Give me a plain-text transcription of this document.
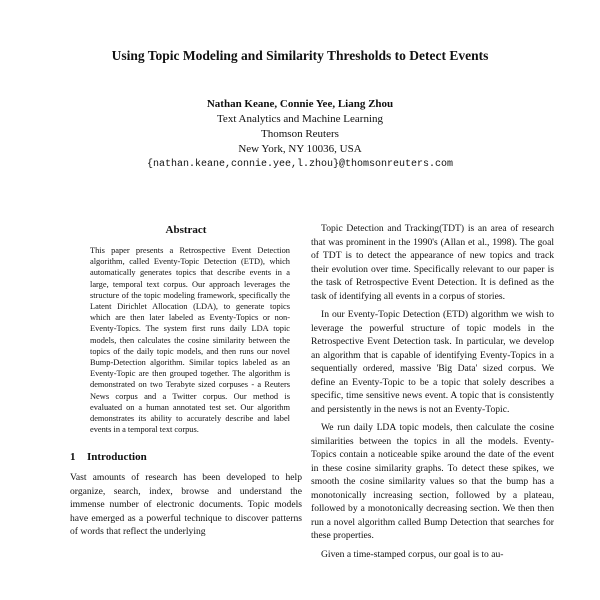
Using Topic Modeling and Similarity Thresholds to Detect Events
Nathan Keane, Connie Yee, Liang Zhou
Text Analytics and Machine Learning
Thomson Reuters
New York, NY 10036, USA
{nathan.keane,connie.yee,l.zhou}@thomsonreuters.com
Abstract

This paper presents a Retrospective Event Detection algorithm, called Eventy-Topic Detection (ETD), which automatically generates topics that describe events in a large, temporal text corpus. Our approach leverages the structure of the topic modeling framework, specifically the Latent Dirichlet Allocation (LDA), to generate topics which are then later labeled as Eventy-Topics or non-Eventy-Topics. The system first runs daily LDA topic models, then calculates the cosine similarity between the topics of the daily topic models, and then runs our novel Bump-Detection algorithm. Similar topics labeled as an Eventy-Topic are then grouped together. The algorithm is demonstrated on two Terabyte sized corpuses - a Reuters News corpus and a Twitter corpus. Our method is evaluated on a human annotated test set. Our algorithm demonstrates its ability to accurately describe and label events in a temporal text corpus.

1 Introduction

Vast amounts of research has been developed to help organize, search, index, browse and understand the immense number of electronic documents. Topic models have emerged as a powerful technique to discover patterns of words that reflect the underlying

Topic Detection and Tracking(TDT) is an area of research that was prominent in the 1990's (Allan et al., 1998). The goal of TDT is to detect the appearance of new topics and track their evolution over time. Specifically relevant to our paper is the task of Retrospective Event Detection. It is defined as the task of identifying all events in a corpus of stories.

In our Eventy-Topic Detection (ETD) algorithm we wish to leverage the powerful structure of topic models in the Retrospective Event Detection task. In particular, we develop an algorithm that is capable of identifying Eventy-Topics in a sequentially ordered, massive 'Big Data' sized corpus. We define an Eventy-Topic to be a topic that solely describes a specific, time sensitive news event. A topic that is consistently and persistently in the news is not an Eventy-Topic.

We run daily LDA topic models, then calculate the cosine similarities between the topics in all the models. Eventy-Topics contain a noticeable spike around the date of the event in these cosine similarity graphs. To detect these spikes, we smooth the cosine similarity values so that the bump has a monotonically increasing section, followed by a plateau, followed by a monotonically decreasing section. We then then run a novel algorithm called Bump Detection that searches for these properties.

Given a time-stamped corpus, our goal is to au-
